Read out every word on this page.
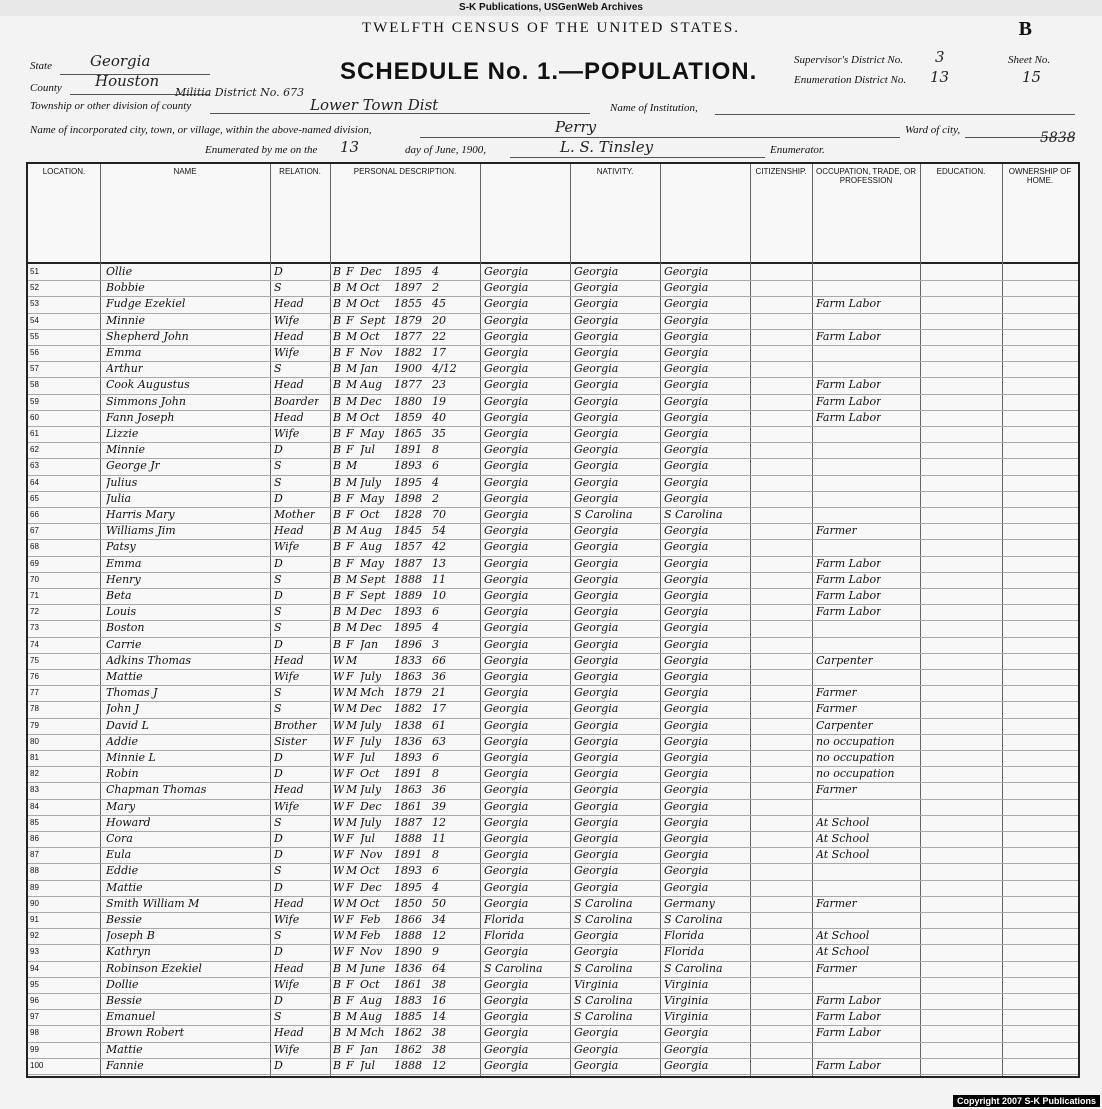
S-K Publications, USGenWeb Archives
TWELFTH CENSUS OF THE UNITED STATES.	B
SCHEDULE No. 1.—POPULATION.
State	Georgia
County Houston
Militia District No. 673
Township or other division of county	Lower Town Dist	Name of Institution,
Name of incorporated city, town, or village, within the above-named division,	Perry	Ward of city,
Enumerated by me on the 13	day of June, 1900,	L. S. Tinsley	Enumerator.
5838
Supervisor's District No. 3
Enumeration District No. 13
Sheet No.
15
LOCATION.	NAME	RELATION.	PERSONAL DESCRIPTION.	NATIVITY.	CITIZENSHIP.	OCCUPATION, TRADE, OR PROFESSION
EDUCATION.	OWNERSHIP OF HOME.
51	Ollie	D	B F Dec 1895 4	Georgia	Georgia	Georgia
52	Bobbie	S	B M Oct 1897 2	Georgia	Georgia	Georgia
53	Fudge Ezekiel	Head	B M Oct 1855 45	Georgia	Georgia	Georgia	Farm Labor
54	Minnie	Wife	B F Sept 1879 20	Georgia	Georgia	Georgia
55	Shepherd John	Head	B M Oct 1877 22	Georgia	Georgia	Georgia	Farm Labor
56	Emma	Wife	B F Nov 1882 17	Georgia	Georgia	Georgia
57	Arthur	S	B M Jan 1900 4/12 Georgia	Georgia	Georgia
58	Cook Augustus	Head	B M Aug 1877 23	Georgia	Georgia	Georgia	Farm Labor
59	Simmons John	Boarder B M Dec 1880 19	Georgia	Georgia	Georgia	Farm Labor
60	Fann Joseph	Head	B M Oct 1859 40	Georgia	Georgia	Georgia	Farm Labor
61	Lizzie	Wife	B F May 1865 35	Georgia	Georgia	Georgia
62	Minnie	D	B F Jul 1891 8	Georgia	Georgia	Georgia
63	George Jr	S	B M	1893 6	Georgia	Georgia	Georgia
64	Julius	S	B M July 1895 4	Georgia	Georgia	Georgia
65	Julia	D	B F May 1898 2	Georgia	Georgia	Georgia
66	Harris Mary	Mother B F Oct 1828 70	Georgia	S Carolina	S Carolina
67	Williams Jim	Head	B M Aug 1845 54	Georgia	Georgia	Georgia	Farmer
68	Patsy	Wife	B F Aug 1857 42	Georgia	Georgia	Georgia
69	Emma	D	B F May 1887 13	Georgia	Georgia	Georgia	Farm Labor
70	Henry	S	B M Sept 1888 11	Georgia	Georgia	Georgia	Farm Labor
71	Beta	D	B F Sept 1889 10	Georgia	Georgia	Georgia	Farm Labor
72	Louis	S	B M Dec 1893 6	Georgia	Georgia	Georgia	Farm Labor
73	Boston	S	B M Dec 1895 4	Georgia	Georgia	Georgia
74	Carrie	D	B F Jan 1896 3	Georgia	Georgia	Georgia
75	Adkins Thomas	Head	W M	1833 66	Georgia	Georgia	Georgia	Carpenter
76	Mattie	Wife	W F July 1863 36	Georgia	Georgia	Georgia
77	Thomas J	S	W M Mch 1879 21	Georgia	Georgia	Georgia	Farmer
78	John J	S	W M Dec 1882 17	Georgia	Georgia	Georgia	Farmer
79	David L	Brother W M July 1838 61	Georgia	Georgia	Georgia	Carpenter
80	Addie	Sister W F July 1836 63	Georgia	Georgia	Georgia	no occupation
81	Minnie L	D	W F Jul 1893 6	Georgia	Georgia	Georgia	no occupation
82	Robin	D	W F Oct 1891 8	Georgia	Georgia	Georgia	no occupation
83	Chapman Thomas	Head	W M July 1863 36	Georgia	Georgia	Georgia	Farmer
84	Mary	Wife	W F Dec 1861 39	Georgia	Georgia	Georgia
85	Howard	S	W M July 1887 12	Georgia	Georgia	Georgia	At School
86	Cora	D	W F Jul 1888 11	Georgia	Georgia	Georgia	At School
87	Eula	D	W F Nov 1891 8	Georgia	Georgia	Georgia	At School
88	Eddie	S	W M Oct 1893 6	Georgia	Georgia	Georgia
89	Mattie	D	W F Dec 1895 4	Georgia	Georgia	Georgia
90	Smith William M	Head	W M Oct 1850 50	Georgia	S Carolina	Germany	Farmer
91	Bessie	Wife	W F Feb 1866 34	Florida	S Carolina	S Carolina
92	Joseph B	S	W M Feb 1888 12	Florida	Georgia	Florida	At School
93	Kathryn	D	W F Nov 1890 9	Georgia	Georgia	Florida	At School
94	Robinson Ezekiel	Head	B M June 1836 64	S Carolina	S Carolina	S Carolina	Farmer
95	Dollie	Wife	B F Oct 1861 38	Georgia	Virginia	Virginia
96	Bessie	D	B F Aug 1883 16	Georgia	S Carolina	Virginia	Farm Labor
97	Emanuel	S	B M Aug 1885 14	Georgia	S Carolina	Virginia	Farm Labor
98	Brown Robert	Head	B M Mch 1862 38	Georgia	Georgia	Georgia	Farm Labor
99	Mattie	Wife	B F Jan 1862 38	Georgia	Georgia	Georgia
100	Fannie	D	B F Jul 1888 12	Georgia	Georgia	Georgia	Farm Labor
Copyright 2007 S-K Publications
